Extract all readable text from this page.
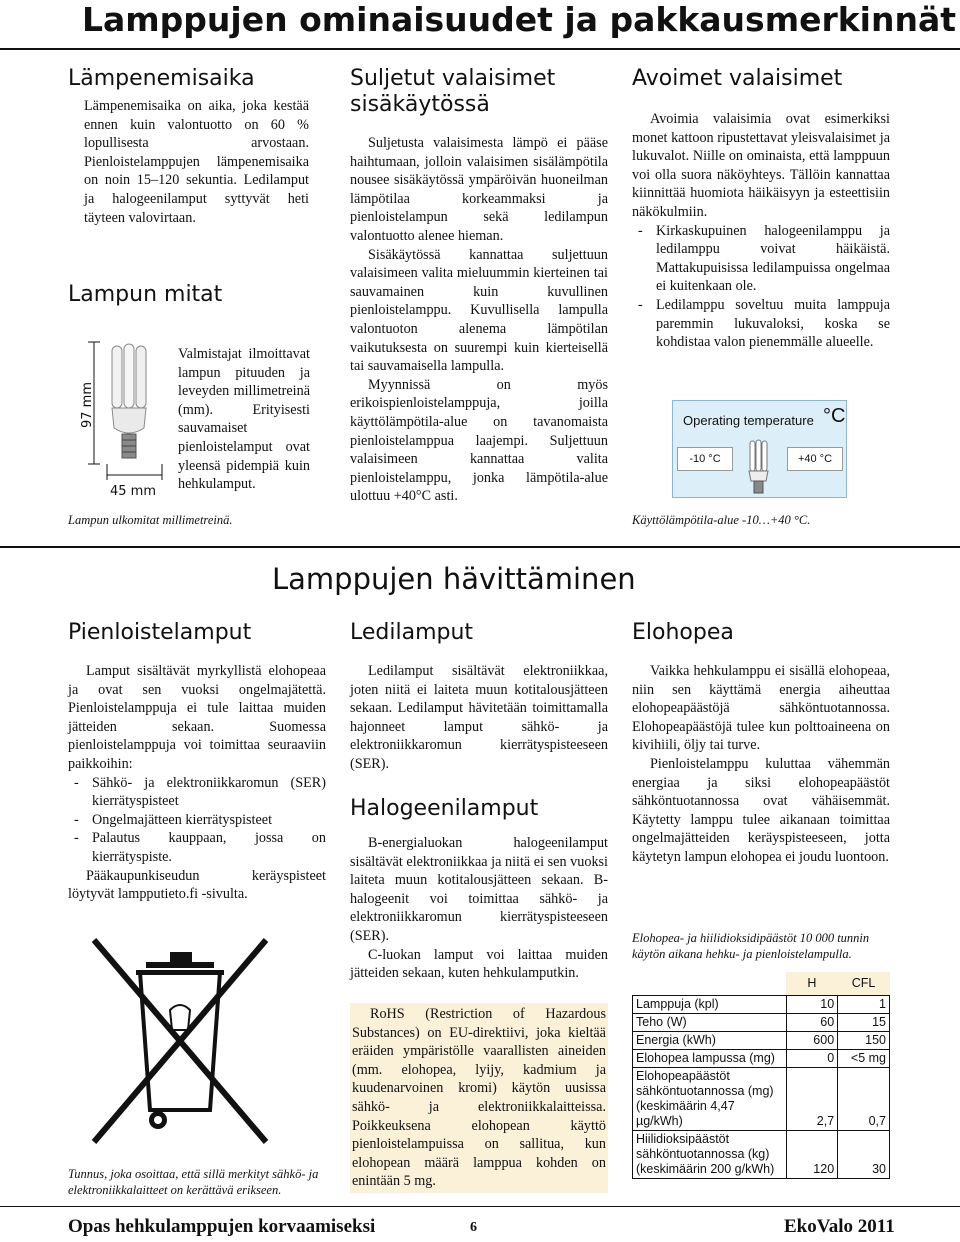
Lamppujen ominaisuudet ja pakkausmerkinnät
Lämpenemisaika

Lämpenemisaika on aika, joka kestää ennen kuin valontuotto on 60 % lopullisesta arvostaan. Pienloistelamppujen lämpenemisaika on noin 15–120 sekuntia. Ledilamput ja halogeenilamput syttyvät heti täyteen valovirtaan.

Lampun mitat
97 mm
45 mm

Valmistajat ilmoittavat lampun pituuden ja leveyden millimetreinä (mm). Erityisesti sauvamaiset pienloistelamput ovat yleensä pidempiä kuin hehkulamput.

Lampun ulkomitat millimetreinä.
Suljetut valaisimet
sisäkäytössä

Suljetusta valaisimesta lämpö ei pääse haihtumaan, jolloin valaisimen sisälämpötila nousee sisäkäytössä ympäröivän huoneilman lämpötilaa korkeammaksi ja pienloistelampun sekä ledilampun valontuotto alenee hieman.

Sisäkäytössä kannattaa suljettuun valaisimeen valita mieluummin kierteinen tai sauvamainen kuin kuvullinen pienloistelamppu. Kuvullisella lampulla valontuoton alenema lämpötilan vaikutuksesta on suurempi kuin kierteisellä tai sauvamaisella lampulla.

Myynnissä on myös erikoispienloistelamppuja, joilla käyttölämpötila-alue on tavanomaista pienloistelamppua laajempi. Suljettuun valaisimeen kannattaa valita pienloistelamppu, jonka lämpötila-alue ulottuu +40°C asti.

Avoimet valaisimet

Avoimia valaisimia ovat esimerkiksi monet kattoon ripustettavat yleisvalaisimet ja lukuvalot. Niille on ominaista, että lamppuun voi olla suora näköyhteys. Tällöin kannattaa kiinnittää huomiota häikäisyyn ja esteettisiin näkökulmiin.

- Kirkaskupuinen halogeenilamppu ja ledilamppu voivat häikäistä. Mattakupuisissa ledilampuissa ongelmaa ei kuitenkaan ole.
- Ledilamppu soveltuu muita lamppuja paremmin lukuvaloksi, koska se kohdistaa valon pienemmälle alueelle.
Operating temperature °C
-10 °C	+40 °C
Käyttölämpötila-alue -10…+40 °C.
Lamppujen hävittäminen
Pienloistelamput

Lamput sisältävät myrkyllistä elohopeaa ja ovat sen vuoksi ongelmajätettä. Pienloistelamppuja ei tule laittaa muiden jätteiden sekaan. Suomessa pienloistelamppuja voi toimittaa seuraaviin paikkoihin:

- Sähkö- ja elektroniikkaromun (SER) kierrätyspisteet
- Ongelmajätteen kierrätyspisteet
- Palautus kauppaan, jossa on kierrätyspiste.

Pääkaupunkiseudun keräyspisteet löytyvät lampputieto.fi -sivulta.

Tunnus, joka osoittaa, että sillä merkityt sähkö- ja elektroniikkalaitteet on kerättävä erikseen.
Ledilamput

Ledilamput sisältävät elektroniikkaa, joten niitä ei laiteta muun kotitalousjätteen sekaan. Ledilamput hävitetään toimittamalla hajonneet lamput sähkö- ja elektroniikkaromun kierrätyspisteeseen (SER).

Halogeenilamput

B-energialuokan halogeenilamput sisältävät elektroniikkaa ja niitä ei sen vuoksi laiteta muun kotitalousjätteen sekaan. B-halogeenit voi toimittaa sähkö- ja elektroniikkaromun kierrätyspisteeseen (SER).

C-luokan lamput voi laittaa muiden jätteiden sekaan, kuten hehkulamputkin.

RoHS (Restriction of Hazardous Substances) on EU-direktiivi, joka kieltää eräiden ympäristölle vaarallisten aineiden (mm. elohopea, lyijy, kadmium ja kuudenarvoinen kromi) käytön uusissa sähkö- ja elektroniikkalaitteissa. Poikkeuksena elohopean käyttö pienloistelampuissa on sallitua, kun elohopean määrä lamppua kohden on enintään 5 mg.

Elohopea

Vaikka hehkulamppu ei sisällä elohopeaa, niin sen käyttämä energia aiheuttaa elohopeapäästöjä sähköntuotannossa. Elohopeapäästöjä tulee kun polttoaineena on kivihiili, öljy tai turve.

Pienloistelamppu kuluttaa vähemmän energiaa ja siksi elohopeapäästöt sähköntuotannossa ovat vähäisemmät. Käytetty lamppu tulee aikanaan toimittaa ongelmajätteiden keräyspisteeseen, jotta käytetyn lampun elohopea ei joudu luontoon.

Elohopea- ja hiilidioksidipäästöt 10 000 tunnin käytön aikana hehku- ja pienloistelampulla.
	H	CFL
Lamppuja (kpl)	10	1
Teho (W)	60	15
Energia (kWh)	600	150
Elohopea lampussa (mg)	0	<5 mg
Elohopeapäästöt sähköntuotannossa (mg) (keskimäärin 4,47 µg/kWh)	2,7	0,7
Hiilidioksipäästöt sähköntuotannossa (kg) (keskimäärin 200 g/kWh)	120	30
Opas hehkulamppujen korvaamiseksi	6	EkoValo 2011
